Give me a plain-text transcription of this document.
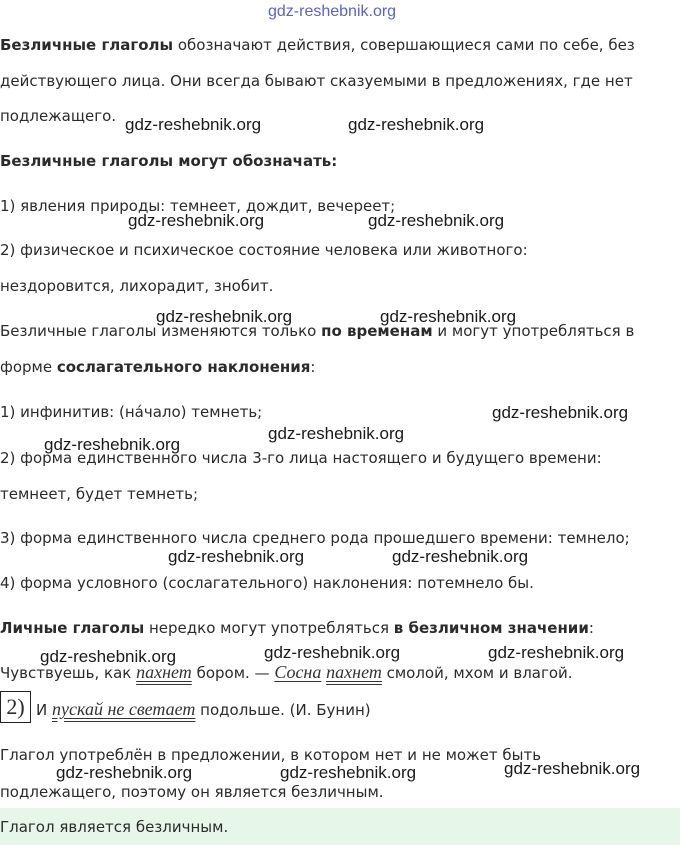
gdz-reshebnik.org
Безличные глаголы обозначают действия, совершающиеся сами по себе, без
действующего лица. Они всегда бывают сказуемыми в предложениях, где нет
подлежащего. gdz-reshebnik.org	gdz-reshebnik.org
Безличные глаголы могут обозначать:
1) явления природы: темнеет, дождит, вечереет;
gdz-reshebnik.org	gdz-reshebnik.org
2) физическое и психическое состояние человека или животного:
нездоровится, лихорадит, знобит.
gdz-reshebnik.org	gdz-reshebnik.org
Безличные глаголы изменяются только по временам и могут употребляться в
форме сослагательного наклонения:
1) инфинитив: (на́чало) темнеть;	gdz-reshebnik.org
gdz-reshebnik.org
gdz-reshebnik.org
2) форма единственного числа 3-го лица настоящего и будущего времени:
темнеет, будет темнеть;
3) форма единственного числа среднего рода прошедшего времени: темнело;
gdz-reshebnik.org	gdz-reshebnik.org
4) форма условного (сослагательного) наклонения: потемнело бы.
Личные глаголы нередко могут употребляться в безличном значении:
gdz-reshebnik.org	gdz-reshebnik.org	gdz-reshebnik.org
Чувствуешь, как пахнет бором. — Сосна пахнет смолой, мхом и влагой.
2) И пускай не светает подольше. (И. Бунин)
Глагол употреблён в предложении, в котором нет и не может быть
gdz-reshebnik.org	gdz-reshebnik.org	gdz-reshebnik.org
подлежащего, поэтому он является безличным.
Глагол является безличным.
